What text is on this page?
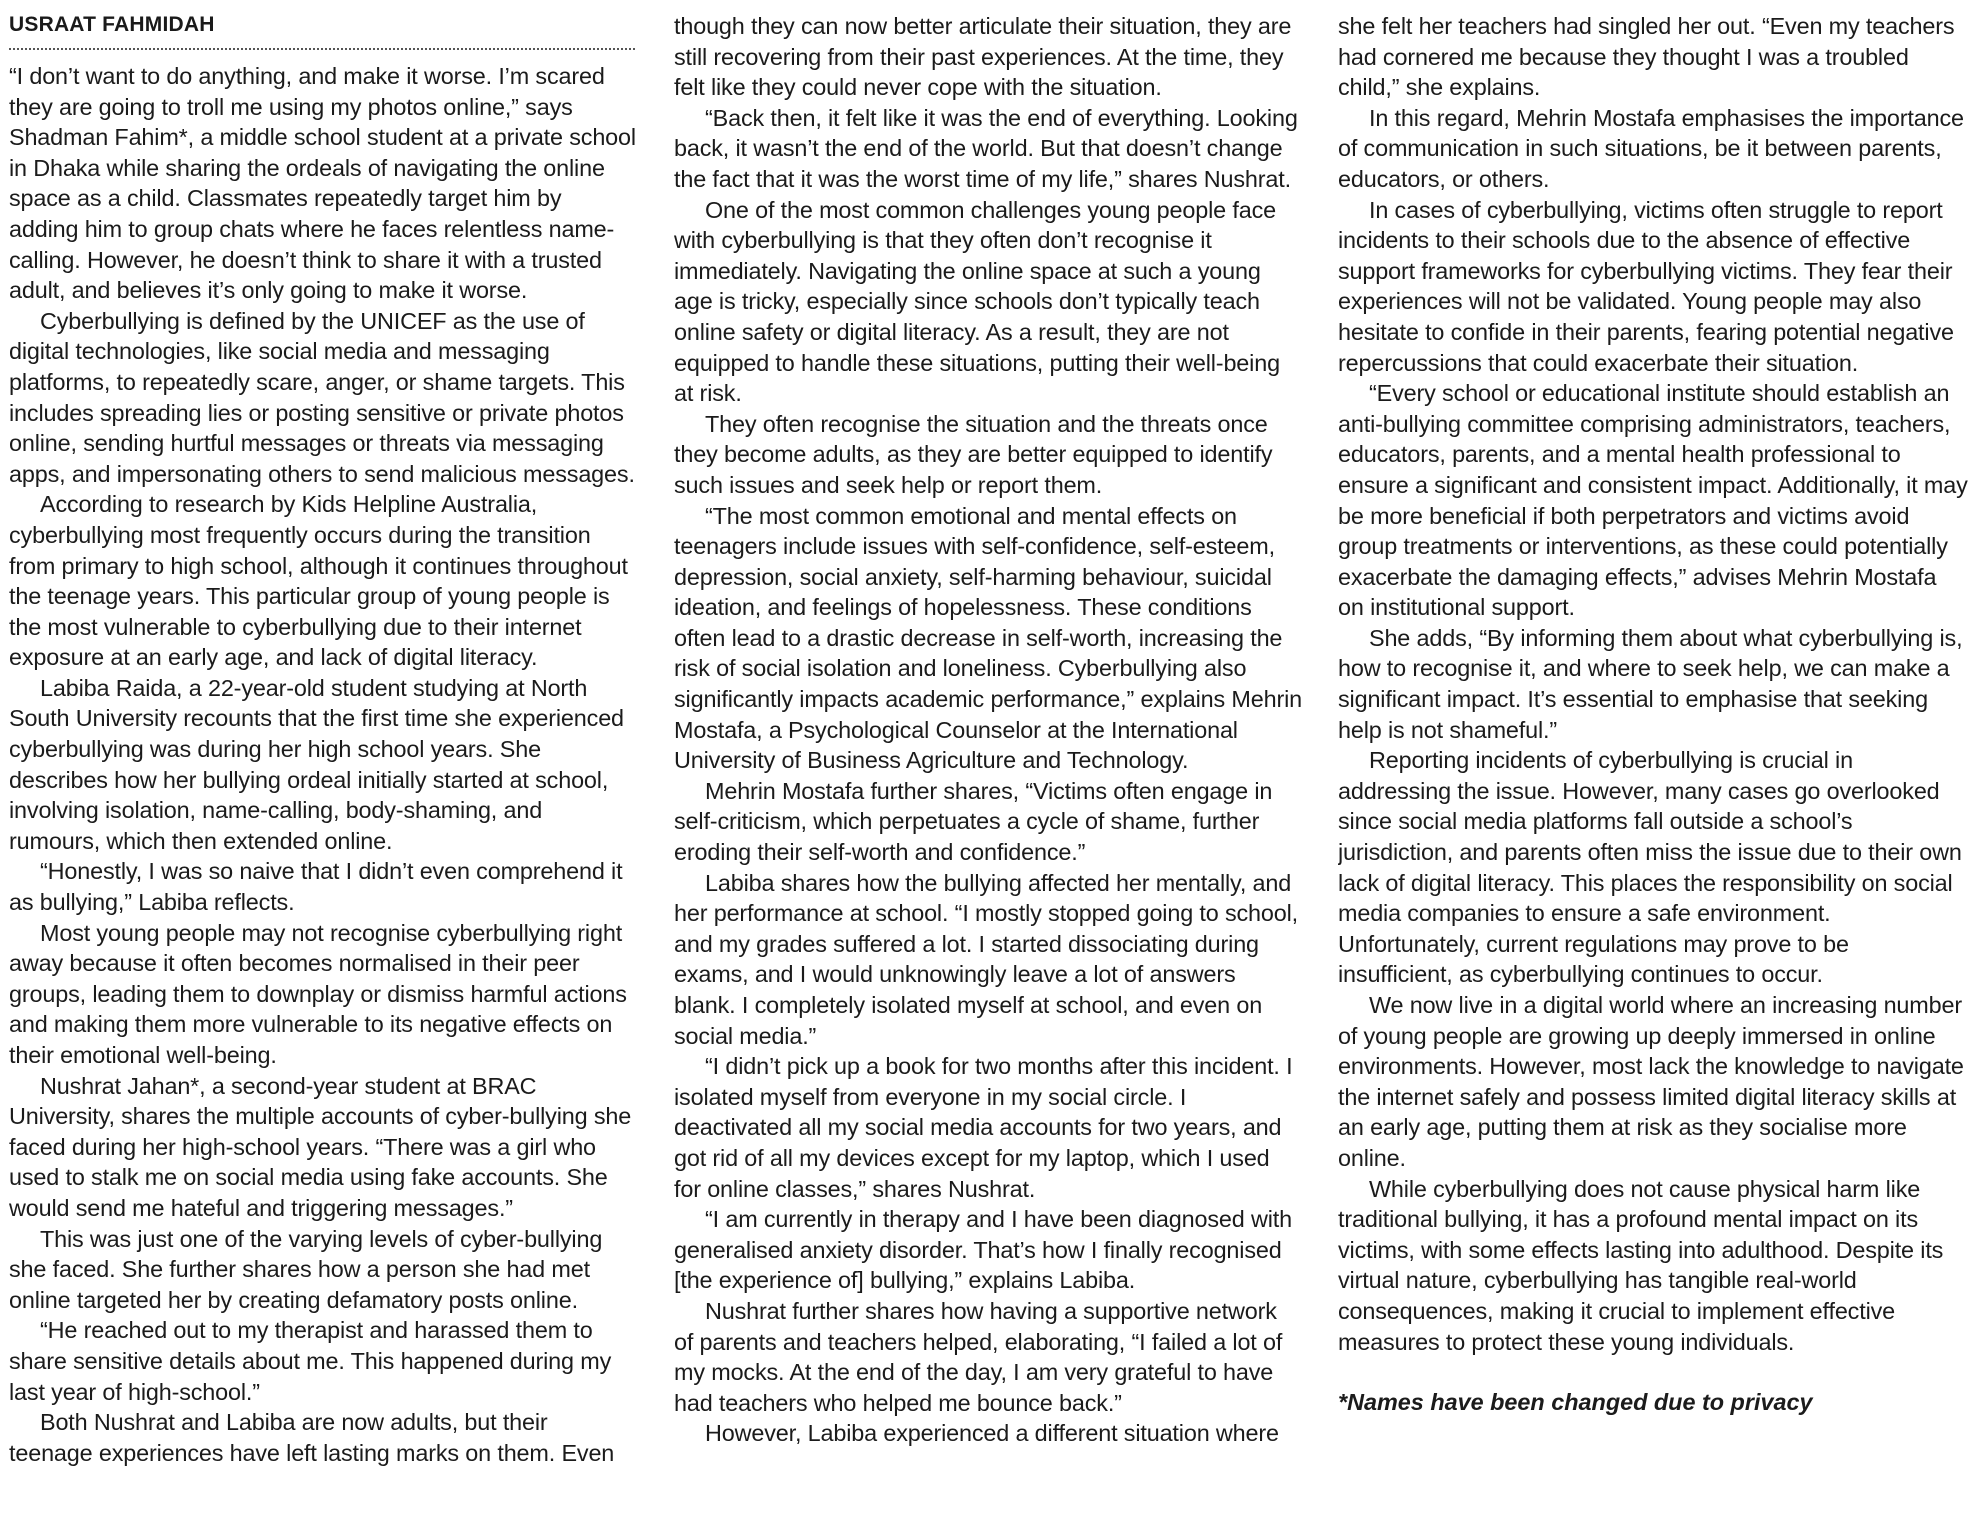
USRAAT FAHMIDAH

“I don’t want to do anything, and make it worse. I’m scared they are going to troll me using my photos online,” says Shadman Fahim*, a middle school student at a private school in Dhaka while sharing the ordeals of navigating the online space as a child. Classmates repeatedly target him by adding him to group chats where he faces relentless name-calling. However, he doesn’t think to share it with a trusted adult, and believes it’s only going to make it worse.

Cyberbullying is defined by the UNICEF as the use of digital technologies, like social media and messaging platforms, to repeatedly scare, anger, or shame targets. This includes spreading lies or posting sensitive or private photos online, sending hurtful messages or threats via messaging apps, and impersonating others to send malicious messages.

According to research by Kids Helpline Australia, cyberbullying most frequently occurs during the transition from primary to high school, although it continues throughout the teenage years. This particular group of young people is the most vulnerable to cyberbullying due to their internet exposure at an early age, and lack of digital literacy.

Labiba Raida, a 22-year-old student studying at North South University recounts that the first time she experienced cyberbullying was during her high school years. She describes how her bullying ordeal initially started at school, involving isolation, name-calling, body-shaming, and rumours, which then extended online.

“Honestly, I was so naive that I didn’t even comprehend it as bullying,” Labiba reflects.

Most young people may not recognise cyberbullying right away because it often becomes normalised in their peer groups, leading them to downplay or dismiss harmful actions and making them more vulnerable to its negative effects on their emotional well-being.

Nushrat Jahan*, a second-year student at BRAC University, shares the multiple accounts of cyber-bullying she faced during her high-school years. “There was a girl who used to stalk me on social media using fake accounts. She would send me hateful and triggering messages.”

This was just one of the varying levels of cyber-bullying she faced. She further shares how a person she had met online targeted her by creating defamatory posts online.

“He reached out to my therapist and harassed them to share sensitive details about me. This happened during my last year of high-school.”

Both Nushrat and Labiba are now adults, but their teenage experiences have left lasting marks on them. Even

though they can now better articulate their situation, they are still recovering from their past experiences. At the time, they felt like they could never cope with the situation.

“Back then, it felt like it was the end of everything. Looking back, it wasn’t the end of the world. But that doesn’t change the fact that it was the worst time of my life,” shares Nushrat.

One of the most common challenges young people face with cyberbullying is that they often don’t recognise it immediately. Navigating the online space at such a young age is tricky, especially since schools don’t typically teach online safety or digital literacy. As a result, they are not equipped to handle these situations, putting their well-being at risk.

They often recognise the situation and the threats once they become adults, as they are better equipped to identify such issues and seek help or report them.

“The most common emotional and mental effects on teenagers include issues with self-confidence, self-esteem, depression, social anxiety, self-harming behaviour, suicidal ideation, and feelings of hopelessness. These conditions often lead to a drastic decrease in self-worth, increasing the risk of social isolation and loneliness. Cyberbullying also significantly impacts academic performance,” explains Mehrin Mostafa, a Psychological Counselor at the International University of Business Agriculture and Technology.

Mehrin Mostafa further shares, “Victims often engage in self-criticism, which perpetuates a cycle of shame, further eroding their self-worth and confidence.”

Labiba shares how the bullying affected her mentally, and her performance at school. “I mostly stopped going to school, and my grades suffered a lot. I started dissociating during exams, and I would unknowingly leave a lot of answers blank. I completely isolated myself at school, and even on social media.”

“I didn’t pick up a book for two months after this incident. I isolated myself from everyone in my social circle. I deactivated all my social media accounts for two years, and got rid of all my devices except for my laptop, which I used for online classes,” shares Nushrat.

“I am currently in therapy and I have been diagnosed with generalised anxiety disorder. That’s how I finally recognised [the experience of] bullying,” explains Labiba.

Nushrat further shares how having a supportive network of parents and teachers helped, elaborating, “I failed a lot of my mocks. At the end of the day, I am very grateful to have had teachers who helped me bounce back.”

However, Labiba experienced a different situation where

she felt her teachers had singled her out. “Even my teachers had cornered me because they thought I was a troubled child,” she explains.

In this regard, Mehrin Mostafa emphasises the importance of communication in such situations, be it between parents, educators, or others.

In cases of cyberbullying, victims often struggle to report incidents to their schools due to the absence of effective support frameworks for cyberbullying victims. They fear their experiences will not be validated. Young people may also hesitate to confide in their parents, fearing potential negative repercussions that could exacerbate their situation.

“Every school or educational institute should establish an anti-bullying committee comprising administrators, teachers, educators, parents, and a mental health professional to ensure a significant and consistent impact. Additionally, it may be more beneficial if both perpetrators and victims avoid group treatments or interventions, as these could potentially exacerbate the damaging effects,” advises Mehrin Mostafa on institutional support.

She adds, “By informing them about what cyberbullying is, how to recognise it, and where to seek help, we can make a significant impact. It’s essential to emphasise that seeking help is not shameful.”

Reporting incidents of cyberbullying is crucial in addressing the issue. However, many cases go overlooked since social media platforms fall outside a school’s jurisdiction, and parents often miss the issue due to their own lack of digital literacy. This places the responsibility on social media companies to ensure a safe environment. Unfortunately, current regulations may prove to be insufficient, as cyberbullying continues to occur.

We now live in a digital world where an increasing number of young people are growing up deeply immersed in online environments. However, most lack the knowledge to navigate the internet safely and possess limited digital literacy skills at an early age, putting them at risk as they socialise more online.

While cyberbullying does not cause physical harm like traditional bullying, it has a profound mental impact on its victims, with some effects lasting into adulthood. Despite its virtual nature, cyberbullying has tangible real-world consequences, making it crucial to implement effective measures to protect these young individuals.

*Names have been changed due to privacy
